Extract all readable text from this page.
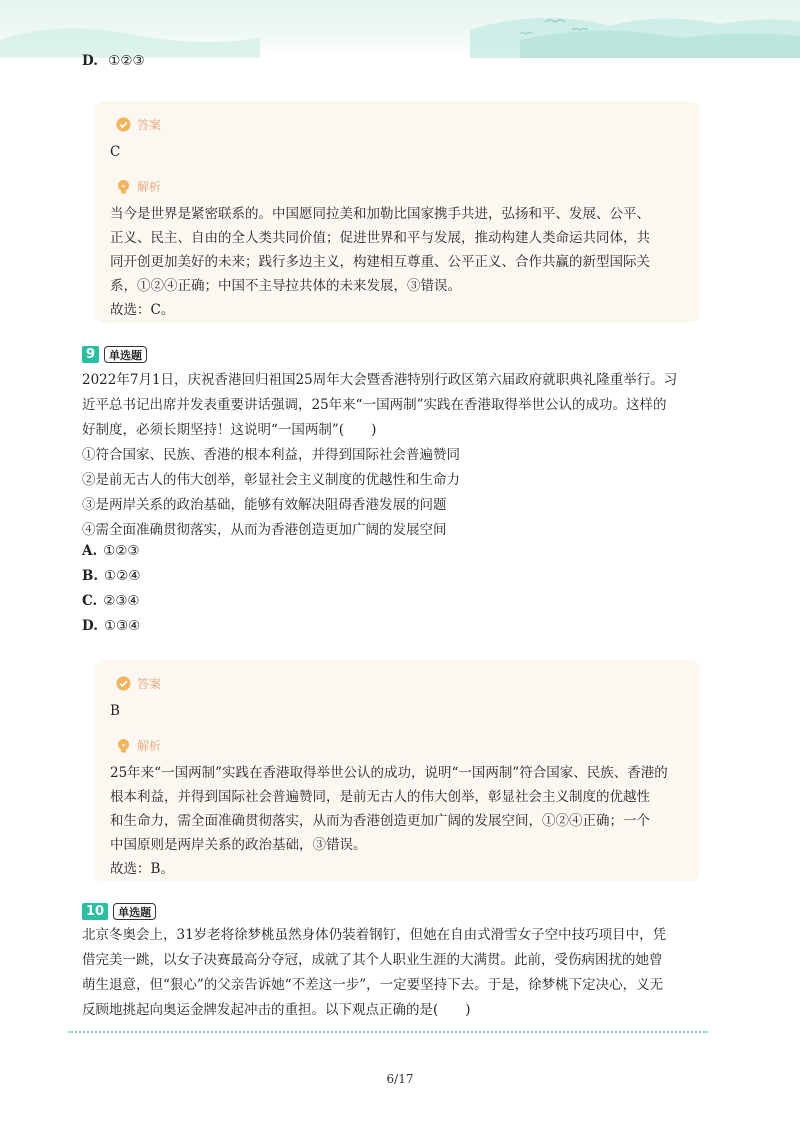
D. ①②③
答案
C
解析
当今是世界是紧密联系的。中国愿同拉美和加勒比国家携手共进，弘扬和平、发展、公平、
正义、民主、自由的全人类共同价值；促进世界和平与发展，推动构建人类命运共同体，共
同开创更加美好的未来；践行多边主义，构建相互尊重、公平正义、合作共赢的新型国际关
系，①②④正确；中国不主导拉共体的未来发展，③错误。
故选：C。
9	单选题
2022年7月1日，庆祝香港回归祖国25周年大会暨香港特别行政区第六届政府就职典礼隆重举行。习
近平总书记出席并发表重要讲话强调，25年来“一国两制”实践在香港取得举世公认的成功。这样的
好制度，必须长期坚持！这说明“一国两制”(　　)
①符合国家、民族、香港的根本利益，并得到国际社会普遍赞同
②是前无古人的伟大创举，彰显社会主义制度的优越性和生命力
③是两岸关系的政治基础，能够有效解决阻碍香港发展的问题
④需全面准确贯彻落实，从而为香港创造更加广阔的发展空间
A. ①②③
B. ①②④
C. ②③④
D. ①③④
答案
B
解析
25年来“一国两制”实践在香港取得举世公认的成功，说明“一国两制”符合国家、民族、香港的
根本利益，并得到国际社会普遍赞同，是前无古人的伟大创举，彰显社会主义制度的优越性
和生命力，需全面准确贯彻落实，从而为香港创造更加广阔的发展空间，①②④正确；一个
中国原则是两岸关系的政治基础，③错误。
故选：B。
10	单选题
北京冬奥会上，31岁老将徐梦桃虽然身体仍装着钢钉，但她在自由式滑雪女子空中技巧项目中，凭
借完美一跳，以女子决赛最高分夺冠，成就了其个人职业生涯的大满贯。此前，受伤病困扰的她曾
萌生退意，但“狠心”的父亲告诉她“不差这一步”，一定要坚持下去。于是，徐梦桃下定决心，义无
反顾地挑起向奥运金牌发起冲击的重担。以下观点正确的是(　　)
6/17
